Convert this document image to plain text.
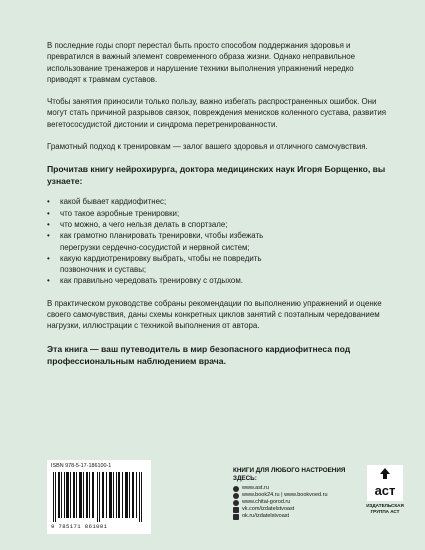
В последние годы спорт перестал быть просто способом поддержания здоровья и превратился в важный элемент современного образа жизни. Однако неправильное использование тренажеров и нарушение техники выполнения упражнений нередко приводят к травмам суставов.

Чтобы занятия приносили только пользу, важно избегать распространенных ошибок. Они могут стать причиной разрывов связок, повреждения менисков коленного сустава, развития вегетососудистой дистонии и синдрома перетренированности.

Грамотный подход к тренировкам — залог вашего здоровья и отличного самочувствия.

Прочитав книгу нейрохирурга, доктора медицинских наук Игоря Борщенко, вы узнаете:

• какой бывает кардиофитнес;
• что такое аэробные тренировки;
• что можно, а чего нельзя делать в спортзале;
• как грамотно планировать тренировки, чтобы избежать
перегрузки сердечно-сосудистой и нервной систем;
• какую кардиотренировку выбрать, чтобы не повредить
позвоночник и суставы;
• как правильно чередовать тренировку с отдыхом.

В практическом руководстве собраны рекомендации по выполнению упражнений и оценке своего самочувствия, даны схемы конкретных циклов занятий с поэтапным чередованием нагрузки, иллюстрации с техникой выполнения от автора.

Эта книга — ваш путеводитель в мир безопасного кардиофитнеса под профессиональным наблюдением врача.

ISBN 978-5-17-186100-1
9 785171 861001
КНИГИ ДЛЯ ЛЮБОГО НАСТРОЕНИЯ ЗДЕСЬ:
www.ast.ru
www.book24.ru | www.bookvoed.ru
www.chitai-gorod.ru
vk.com/izdatelstvoast
ok.ru/izdatelstvoast
аст
ИЗДАТЕЛЬСКАЯ
ГРУППА АСТ
